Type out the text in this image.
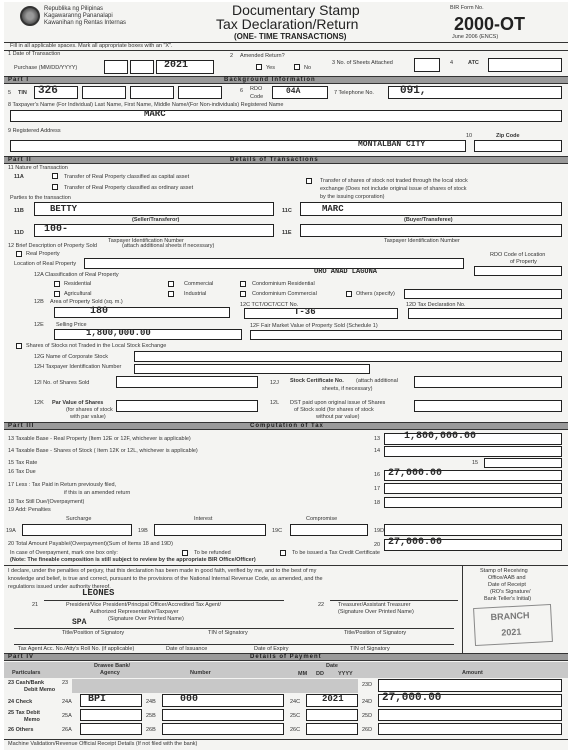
Republika ng Pilipinas
Kagawaranng Pananalapi
Kawanihan ng Rentas Internas
Documentary Stamp
Tax Declaration/Return
(ONE- TIME TRANSACTIONS)
BIR Form No.
2000-OT
June 2006 (ENCS)
Fill in all applicable spaces. Mark all appropriate boxes with an "X".
1 Date of Transaction
Purchase (MM/DD/YYYY)	2021
2 Amended Return?
Yes	No
3 No. of Sheets Attached	4	ATC
Part I	Background Information
5 TIN 326	6 RDO
Code
04A	7 Telephone No. 091,
8 Taxpayer's Name (For Individual) Last Name, First Name, Middle Name/(For Non-individuals) Registered Name
MARC
9 Registered Address
10	Zip Code
MONTALBAN CITY
Part II	Details of Transactions
11 Nature of Transaction
11A	Transfer of Real Property classified as capital asset
Transfer of Real Property classified as ordinary asset
Transfer of shares of stock not traded through the local stock
exchange (Does not include original issue of shares of stock
by the issuing corporation)
Parties to the transaction
11B	BETTY
(Seller/Transferor)
11C	MARC
(Buyer/Transferee)
11D 100-
Taxpayer Identification Number
11E
Taxpayer Identification Number
12 Brief Description of Property Sold	(attach additional sheets if necessary)
Real Property
Location of Real Property
ORO ANAD LAGUNA
RDO Code of Location
of Property
12A Classification of Real Property
Residential	Commercial	Condominium Residential
Agricultural	Industrial	Condominium Commercial	Others (specify)
12B Area of Property Sold (sq. m.)
180
12C TCT/OCT/CCT No.
T-36
12D Tax Declaration No.
12E Selling Price
1,800,000.00
12F Fair Market Value of Property Sold (Schedule 1)
Shares of Stocks not Traded in the Local Stock Exchange
12G Name of Corporate Stock
12H Taxpayer Identification Number
12I No. of Shares Sold	12J Stock Certificate No. (attach additional
sheets, if necessary)
12K Par Value of Shares
(for shares of stock
with par value)
12L DST paid upon original issue of Shares
of Stock sold (for shares of stock
without par value)
Part III	Computation of Tax
13 Taxable Base - Real Property (Item 12E or 12F, whichever is applicable)	13 1,800,000.00
14 Taxable Base - Shares of Stock ( Item 12K or 12L, whichever is applicable)	14
15 Tax Rate	15
16 Tax Due	16 27,000.00
17 Less : Tax Paid in Return previously filed,
if this is an amended return
17
18 Tax Still Due/(Overpayment)	18
19 Add: Penalties
Surcharge	Interest	Compromise
19A	19B	19C	19D
20 Total Amount Payable/(Overpayment)(Sum of Items 18 and 19D)	20 27,000.00
In case of Overpayment, mark one box only:	To be refunded	To be issued a Tax Credit Certificate
(Note: The fineable composition is still subject to review by the appropriate BIR Office/Officer)
I declare, under the penalties of perjury, that this declaration has been made in good faith, verified by me, and to the best of my
knowledge and belief, is true and correct, pursuant to the provisions of the National Internal Revenue Code, as amended, and the
regulations issued under authority thereof.
LEONES
21	President/Vice President/Principal Officer/Accredited Tax Agent/
Authorized Representative/Taxpayer
(Signature Over Printed Name)
22	Treasurer/Assistant Treasurer
(Signature Over Printed Name)
SPA
Title/Position of Signatory	TIN of Signatory	Title/Position of Signatory
Tax Agent Acc. No./Atty's Roll No. (if applicable)	Date of Issuance	Date of Expiry	TIN of Signatory
Stamp of Receiving
Office/AAB and
Date of Receipt
(RO's Signature/
Bank Teller's Initial)
BRANCH
2021
Part IV	Details of Payment
Particulars
Drawee Bank/
Agency	Number
Date
MM DD	YYYY	Amount
23 Cash/Bank
Debit Memo
23	23D
24 Check	24A BPI	24B 000	24C 2021	24D 27,000.00
25 Tax Debit
Memo
25A	25B	25C	25D
26 Others	26A	26B	26C	26D
Machine Validation/Revenue Official Receipt Details (If not filed with the bank)
